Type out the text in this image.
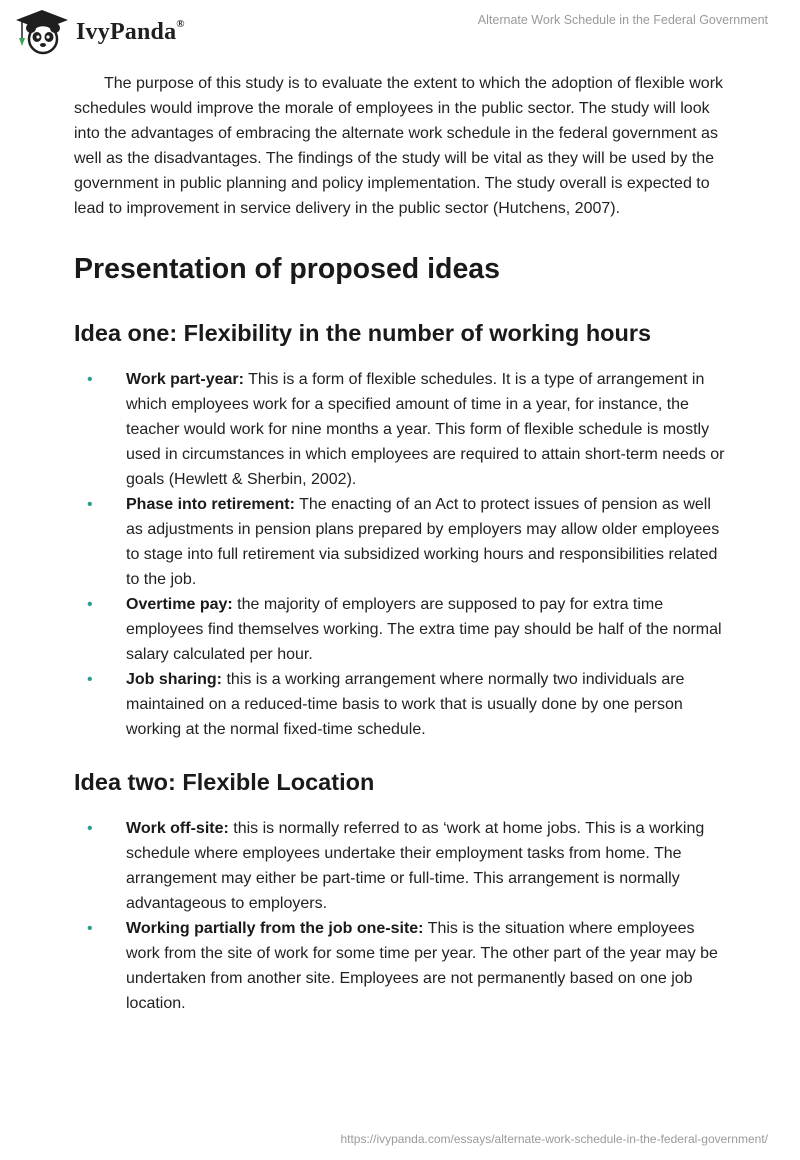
IvyPanda®	Alternate Work Schedule in the Federal Government

The purpose of this study is to evaluate the extent to which the adoption of flexible work schedules would improve the morale of employees in the public sector. The study will look into the advantages of embracing the alternate work schedule in the federal government as well as the disadvantages. The findings of the study will be vital as they will be used by the government in public planning and policy implementation. The study overall is expected to lead to improvement in service delivery in the public sector (Hutchens, 2007).

Presentation of proposed ideas
Idea one: Flexibility in the number of working hours
• Work part-year: This is a form of flexible schedules. It is a type of arrangement in which employees work for a specified amount of time in a year, for instance, the teacher would work for nine months a year. This form of flexible schedule is mostly used in circumstances in which employees are required to attain short-term needs or goals (Hewlett & Sherbin, 2002).
• Phase into retirement: The enacting of an Act to protect issues of pension as well as adjustments in pension plans prepared by employers may allow older employees to stage into full retirement via subsidized working hours and responsibilities related to the job.
• Overtime pay: the majority of employers are supposed to pay for extra time employees find themselves working. The extra time pay should be half of the normal salary calculated per hour.
• Job sharing: this is a working arrangement where normally two individuals are maintained on a reduced-time basis to work that is usually done by one person working at the normal fixed-time schedule.
Idea two: Flexible Location
• Work off-site: this is normally referred to as ‘work at home jobs. This is a working schedule where employees undertake their employment tasks from home. The arrangement may either be part-time or full-time. This arrangement is normally advantageous to employers.
• Working partially from the job one-site: This is the situation where employees work from the site of work for some time per year. The other part of the year may be undertaken from another site. Employees are not permanently based on one job location.
https://ivypanda.com/essays/alternate-work-schedule-in-the-federal-government/
